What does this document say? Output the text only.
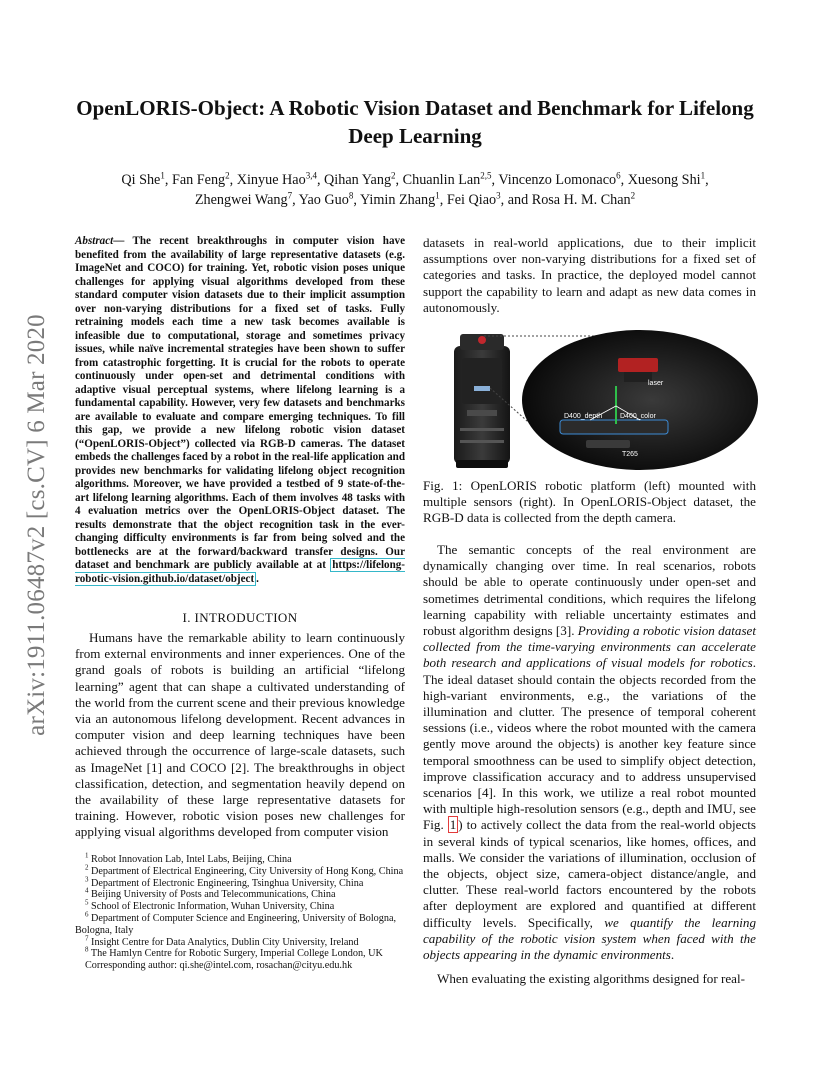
arXiv:1911.06487v2 [cs.CV] 6 Mar 2020
OpenLORIS-Object: A Robotic Vision Dataset and Benchmark for Lifelong Deep Learning
Qi She$^1$, Fan Feng$^2$, Xinyue Hao$^{3,4}$, Qihan Yang$^2$, Chuanlin Lan$^{2,5}$, Vincenzo Lomonaco$^6$, Xuesong Shi$^1$,
Zhengwei Wang$^7$, Yao Guo$^8$, Yimin Zhang$^1$, Fei Qiao$^3$, and Rosa H. M. Chan$^2$
Abstract— The recent breakthroughs in computer vision have benefited from the availability of large representative datasets (e.g. ImageNet and COCO) for training. Yet, robotic vision poses unique challenges for applying visual algorithms developed from these standard computer vision datasets due to their implicit assumption over non-varying distributions for a fixed set of tasks. Fully retraining models each time a new task becomes available is infeasible due to computational, storage and sometimes privacy issues, while naïve incremental strategies have been shown to suffer from catastrophic forgetting. It is crucial for the robots to operate continuously under open-set and detrimental conditions with adaptive visual perceptual systems, where lifelong learning is a fundamental capability. However, very few datasets and benchmarks are available to evaluate and compare emerging techniques. To fill this gap, we provide a new lifelong robotic vision dataset (“OpenLORIS-Object”) collected via RGB-D cameras. The dataset embeds the challenges faced by a robot in the real-life application and provides new benchmarks for validating lifelong object recognition algorithms. Moreover, we have provided a testbed of 9 state-of-the-art lifelong learning algorithms. Each of them involves 48 tasks with 4 evaluation metrics over the OpenLORIS-Object dataset. The results demonstrate that the object recognition task in the ever-changing difficulty environments is far from being solved and the bottlenecks are at the forward/backward transfer designs. Our dataset and benchmark are publicly available at at https://lifelong-robotic-vision.github.io/dataset/object .
I. INTRODUCTION
Humans have the remarkable ability to learn continuously from external environments and inner experiences. One of the grand goals of robots is building an artificial “lifelong learning” agent that can shape a cultivated understanding of the world from the current scene and their previous knowledge via an autonomous lifelong development. Recent advances in computer vision and deep learning techniques have been achieved through the occurrence of large-scale datasets, such as ImageNet [1] and COCO [2]. The breakthroughs in object classification, detection, and segmentation heavily depend on the availability of these large representative datasets for training. However, robotic vision poses new challenges for applying visual algorithms developed from computer vision

$^1$ Robot Innovation Lab, Intel Labs, Beijing, China

$^2$ Department of Electrical Engineering, City University of Hong Kong, China

$^3$ Department of Electronic Engineering, Tsinghua University, China

$^4$ Beijing University of Posts and Telecommunications, China

$^5$ School of Electronic Information, Wuhan University, China

$^6$ Department of Computer Science and Engineering, University of Bologna, Bologna, Italy

$^7$ Insight Centre for Data Analytics, Dublin City University, Ireland

$^8$ The Hamlyn Centre for Robotic Surgery, Imperial College London, UK

Corresponding author: qi.she@intel.com, rosachan@cityu.edu.hk

datasets in real-world applications, due to their implicit assumptions over non-varying distributions for a fixed set of categories and tasks. In practice, the deployed model cannot support the capability to learn and adapt as new data comes in autonomously.
laser
D400_depth	D400_color
T265
Fig. 1: OpenLORIS robotic platform (left) mounted with multiple sensors (right). In OpenLORIS-Object dataset, the RGB-D data is collected from the depth camera.

The semantic concepts of the real environment are dynamically changing over time. In real scenarios, robots should be able to operate continuously under open-set and sometimes detrimental conditions, which requires the lifelong learning capability with reliable uncertainty estimates and robust algorithm designs [3]. Providing a robotic vision dataset collected from the time-varying environments can accelerate both research and applications of visual models for robotics. The ideal dataset should contain the objects recorded from the high-variant environments, e.g., the variations of the illumination and clutter. The presence of temporal coherent sessions (i.e., videos where the robot mounted with the camera gently move around the objects) is another key feature since temporal smoothness can be used to simplify object detection, improve classification accuracy and to address unsupervised scenarios [4]. In this work, we utilize a real robot mounted with multiple high-resolution sensors (e.g., depth and IMU, see Fig. 1 ) to actively collect the data from the real-world objects in several kinds of typical scenarios, like homes, offices, and malls. We consider the variations of illumination, occlusion of the objects, object size, camera-object distance/angle, and clutter. These real-world factors encountered by the robots after deployment are explored and quantified at different difficulty levels. Specifically, we quantify the learning capability of the robotic vision system when faced with the objects appearing in the dynamic environments.

When evaluating the existing algorithms designed for real-
